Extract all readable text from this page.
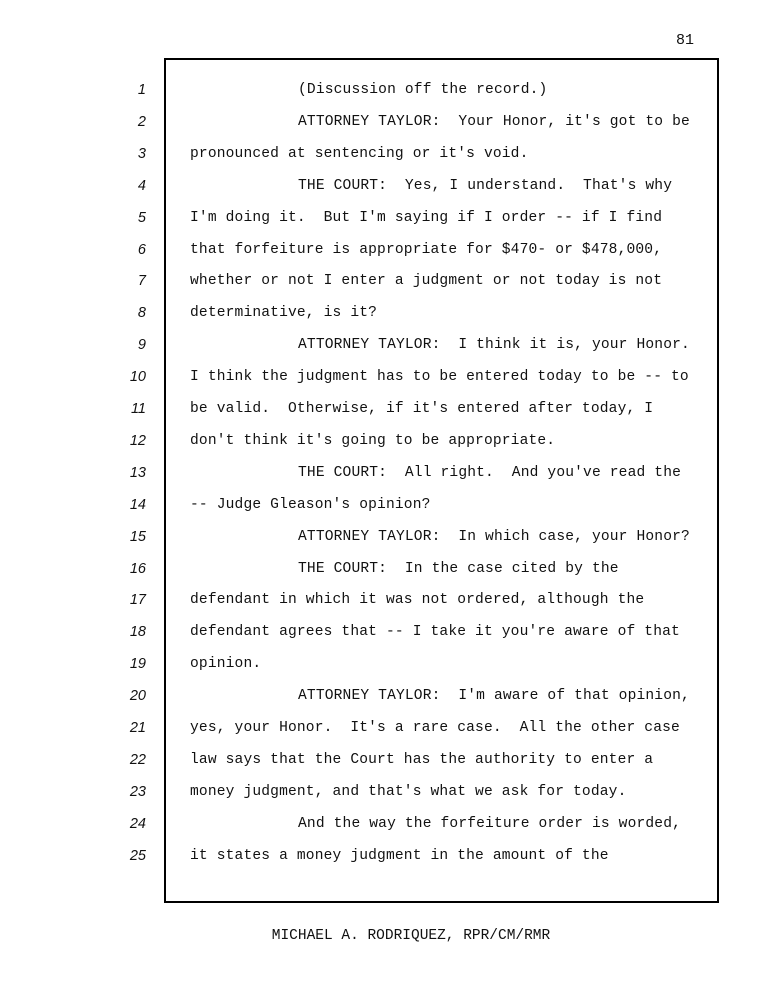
81
1	(Discussion off the record.)
2	ATTORNEY TAYLOR:  Your Honor, it's got to be
3	pronounced at sentencing or it's void.
4	THE COURT:  Yes, I understand.  That's why
5	I'm doing it.  But I'm saying if I order -- if I find
6	that forfeiture is appropriate for $470- or $478,000,
7	whether or not I enter a judgment or not today is not
8	determinative, is it?
9	ATTORNEY TAYLOR:  I think it is, your Honor.
10	I think the judgment has to be entered today to be -- to
11	be valid.  Otherwise, if it's entered after today, I
12	don't think it's going to be appropriate.
13	THE COURT:  All right.  And you've read the
14	-- Judge Gleason's opinion?
15	ATTORNEY TAYLOR:  In which case, your Honor?
16	THE COURT:  In the case cited by the
17	defendant in which it was not ordered, although the
18	defendant agrees that -- I take it you're aware of that
19	opinion.
20	ATTORNEY TAYLOR:  I'm aware of that opinion,
21	yes, your Honor.  It's a rare case.  All the other case
22	law says that the Court has the authority to enter a
23	money judgment, and that's what we ask for today.
24	And the way the forfeiture order is worded,
25	it states a money judgment in the amount of the
MICHAEL A. RODRIQUEZ, RPR/CM/RMR
